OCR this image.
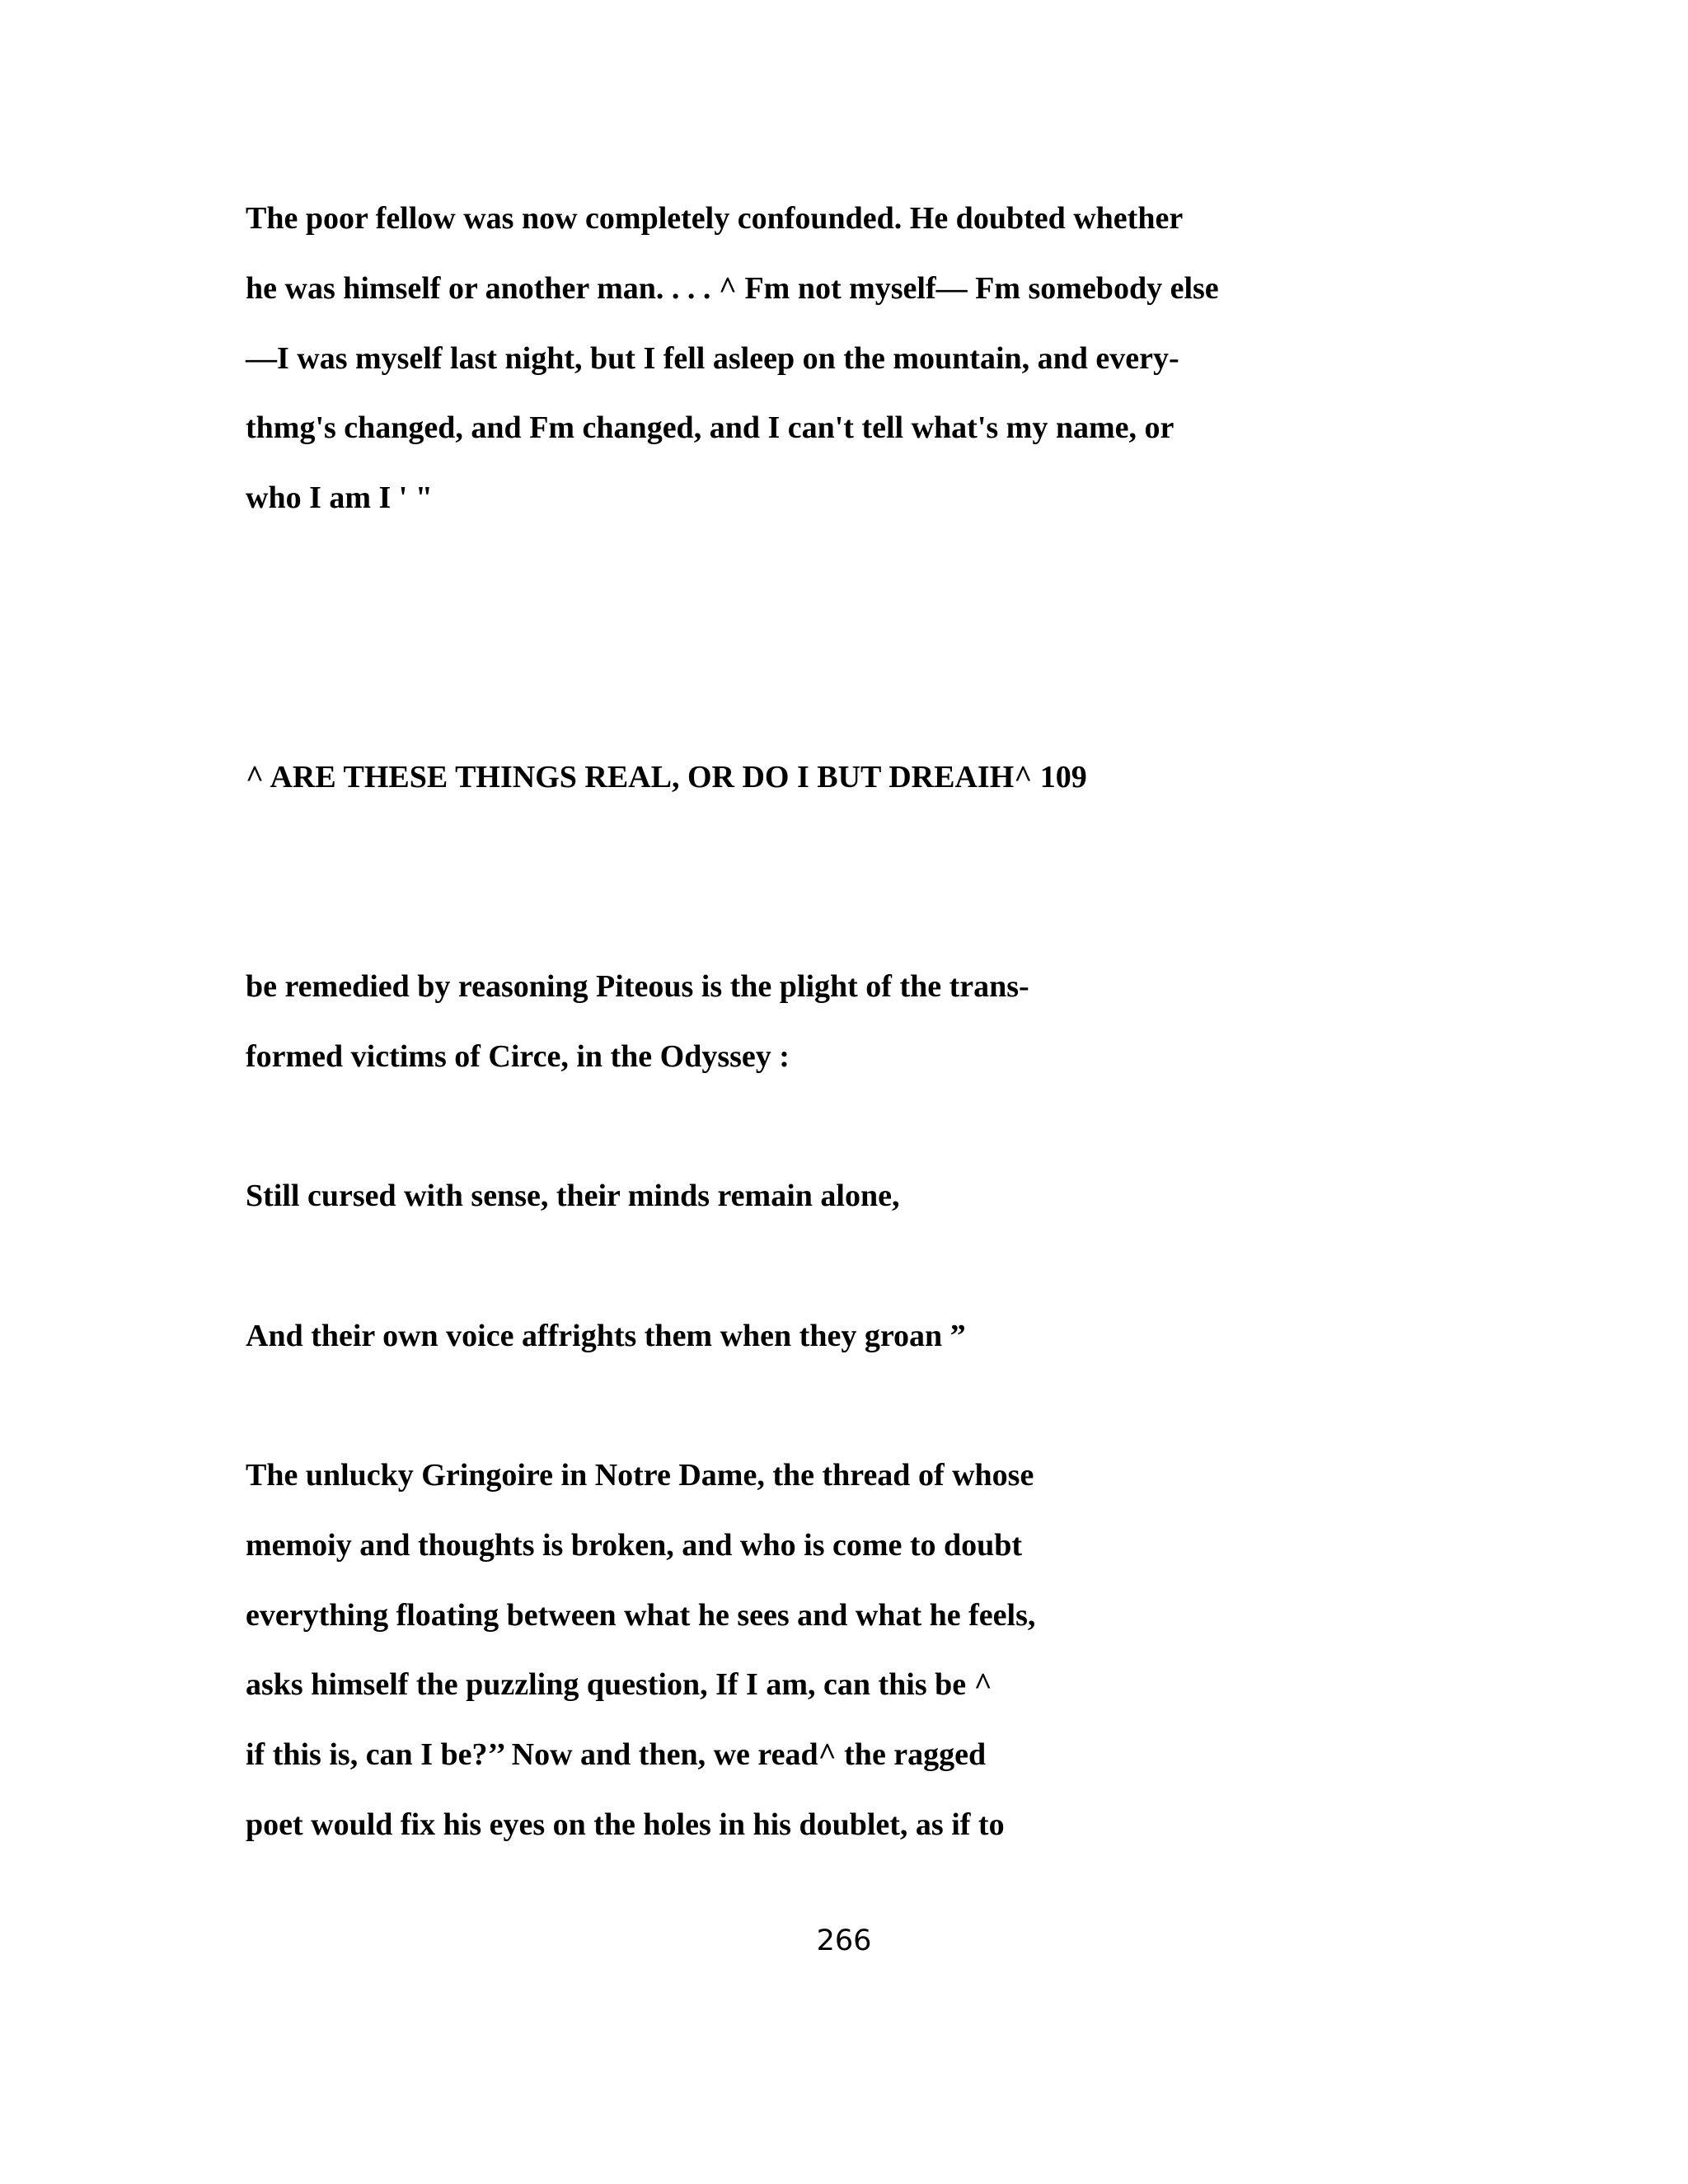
The poor fellow was now completely confounded. He doubted whether
he was himself or another man. . . . ^ Fm not myself— Fm somebody else
—I was myself last night, but I fell asleep on the mountain, and every-
thmg's changed, and Fm changed, and I can't tell what's my name, or
who I am I ' "
^ ARE THESE THINGS REAL, OR DO I BUT DREAIH^ 109
be remedied by reasoning Piteous is the plight of the trans-
formed victims of Circe, in the Odyssey :
Still cursed with sense, their minds remain alone,
And their own voice affrights them when they groan ”
The unlucky Gringoire in Notre Dame, the thread of whose
memoiy and thoughts is broken, and who is come to doubt
everything floating between what he sees and what he feels,
asks himself the puzzling question, If I am, can this be ^
if this is, can I be?’’ Now and then, we read^ the ragged
poet would fix his eyes on the holes in his doublet, as if to
266
